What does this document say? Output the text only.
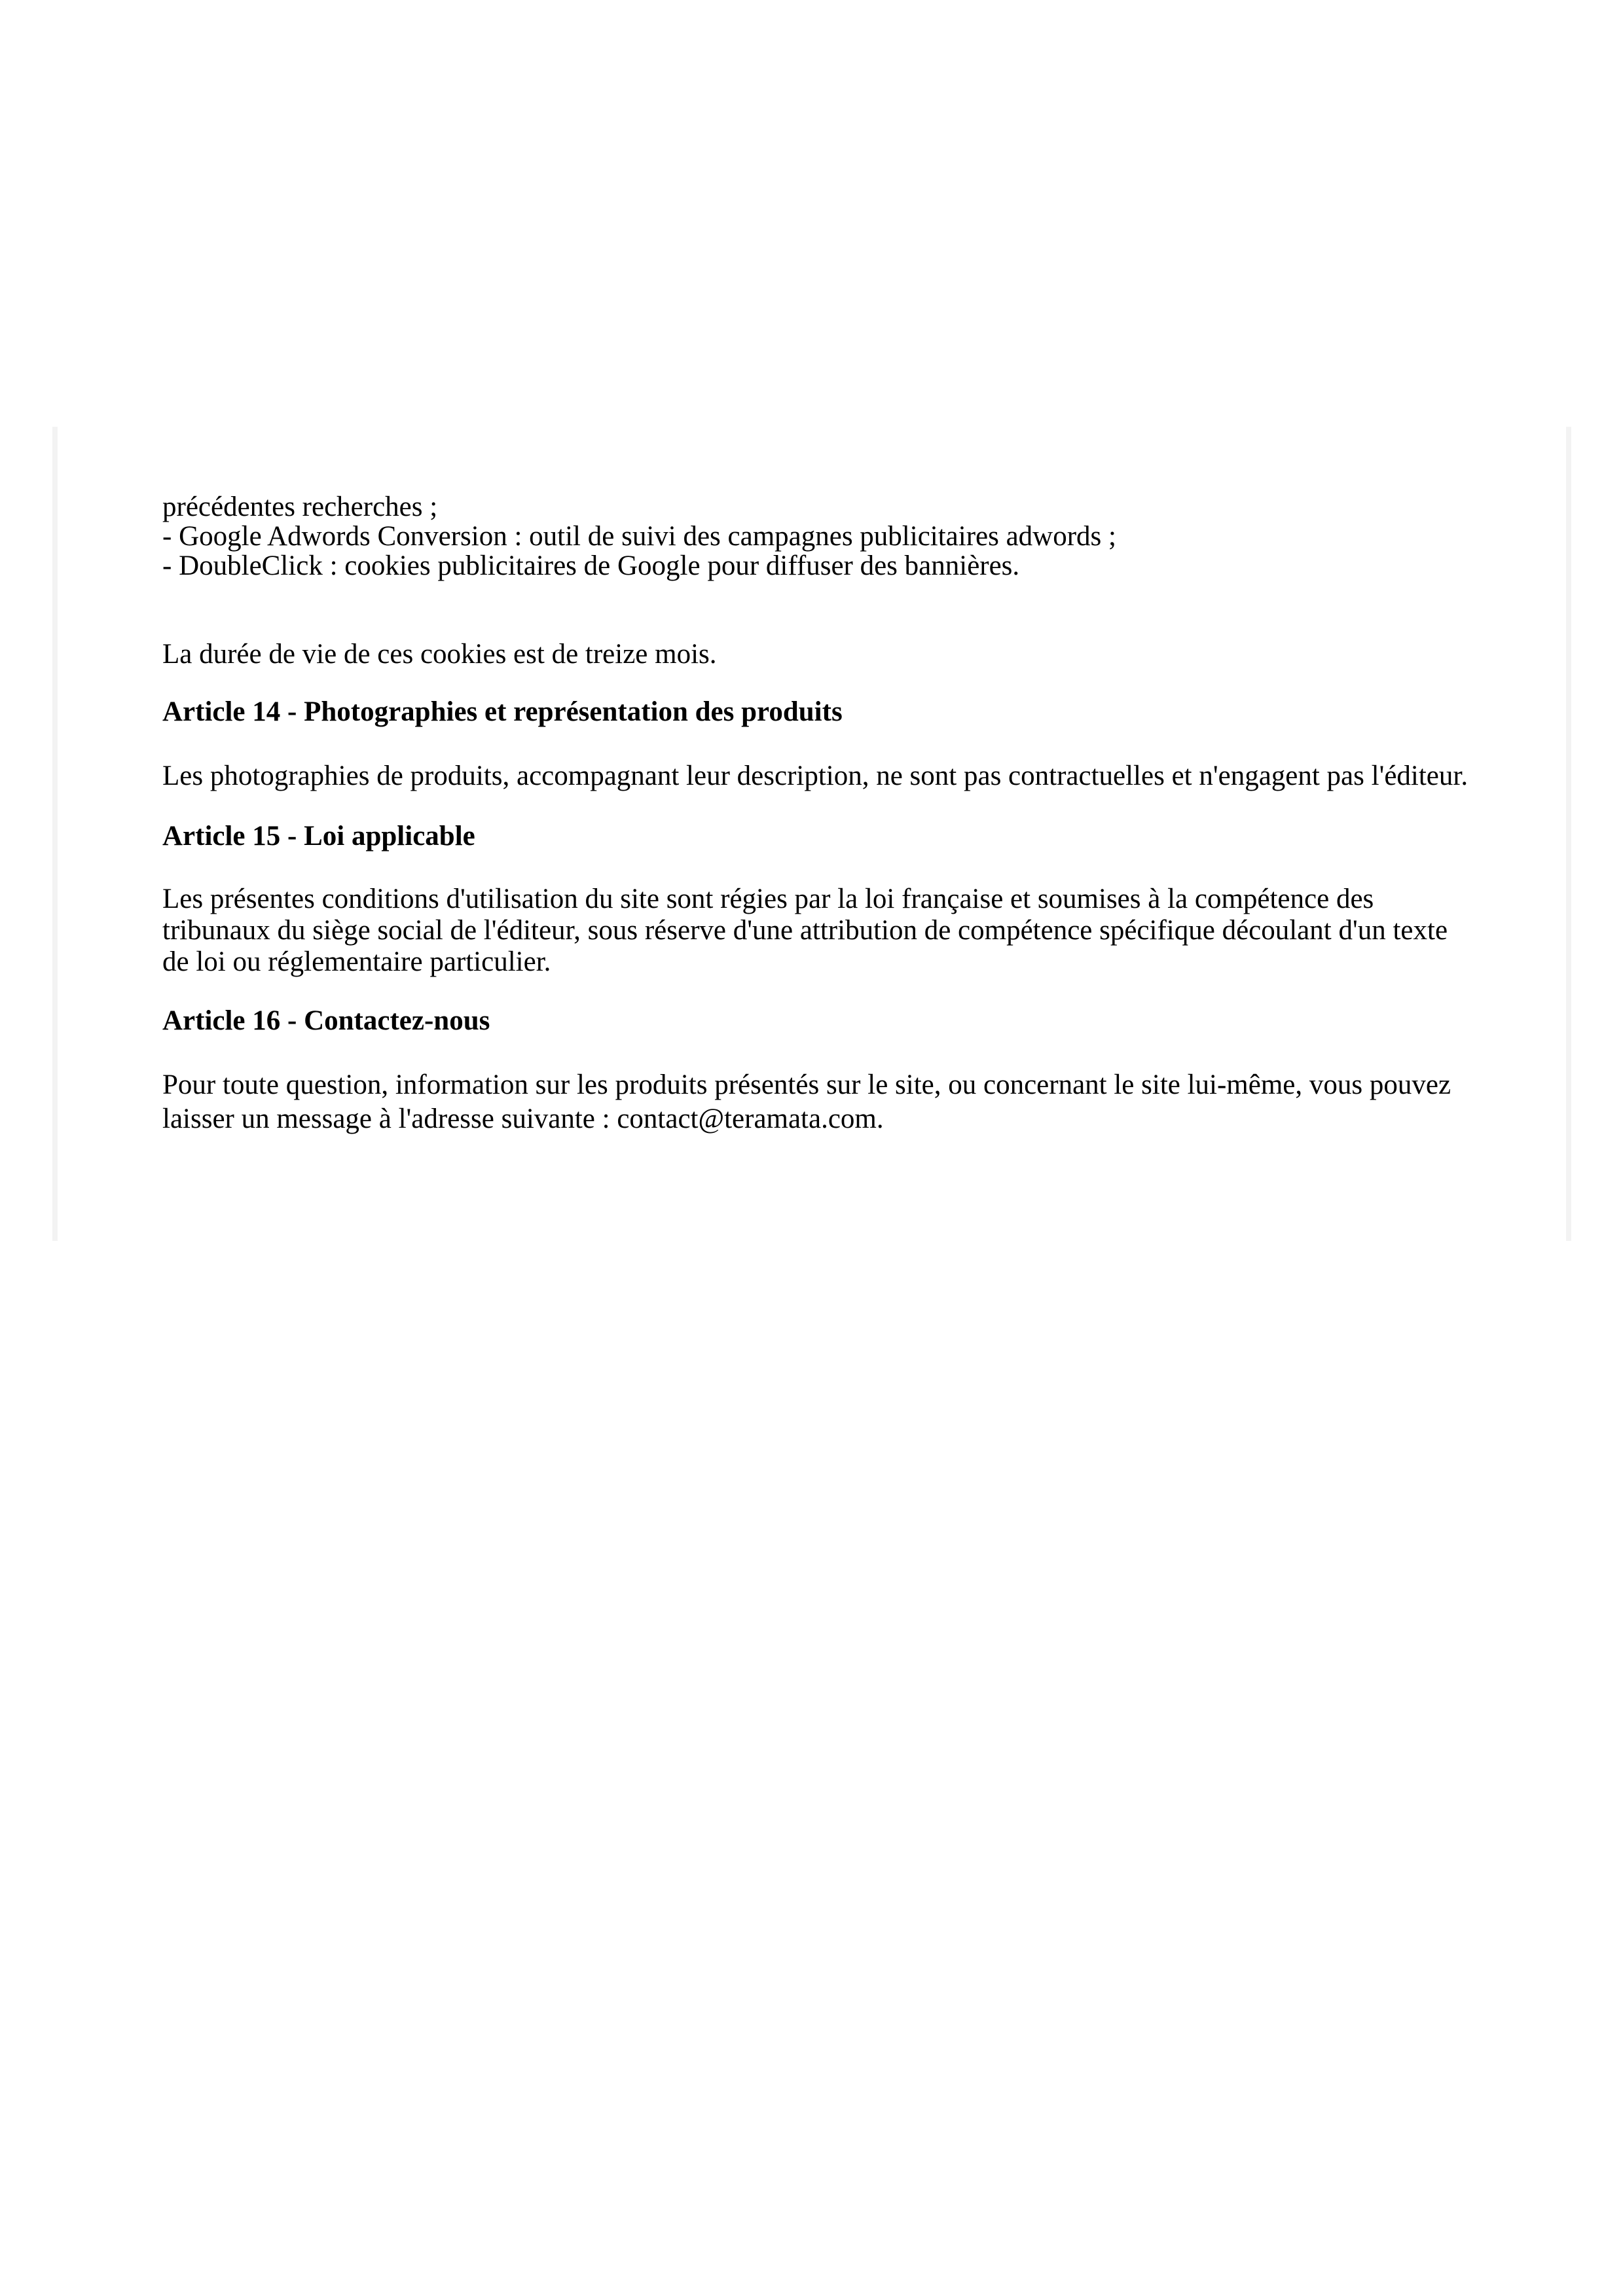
précédentes recherches ;
- Google Adwords Conversion : outil de suivi des campagnes publicitaires adwords ;
- DoubleClick : cookies publicitaires de Google pour diffuser des bannières.

La durée de vie de ces cookies est de treize mois.

Article 14 - Photographies et représentation des produits

Les photographies de produits, accompagnant leur description, ne sont pas contractuelles et n'engagent pas l'éditeur.

Article 15 - Loi applicable

Les présentes conditions d'utilisation du site sont régies par la loi française et soumises à la compétence des tribunaux du siège social de l'éditeur, sous réserve d'une attribution de compétence spécifique découlant d'un texte de loi ou réglementaire particulier.

Article 16 - Contactez-nous

Pour toute question, information sur les produits présentés sur le site, ou concernant le site lui-même, vous pouvez laisser un message à l'adresse suivante : contact@teramata.com.
